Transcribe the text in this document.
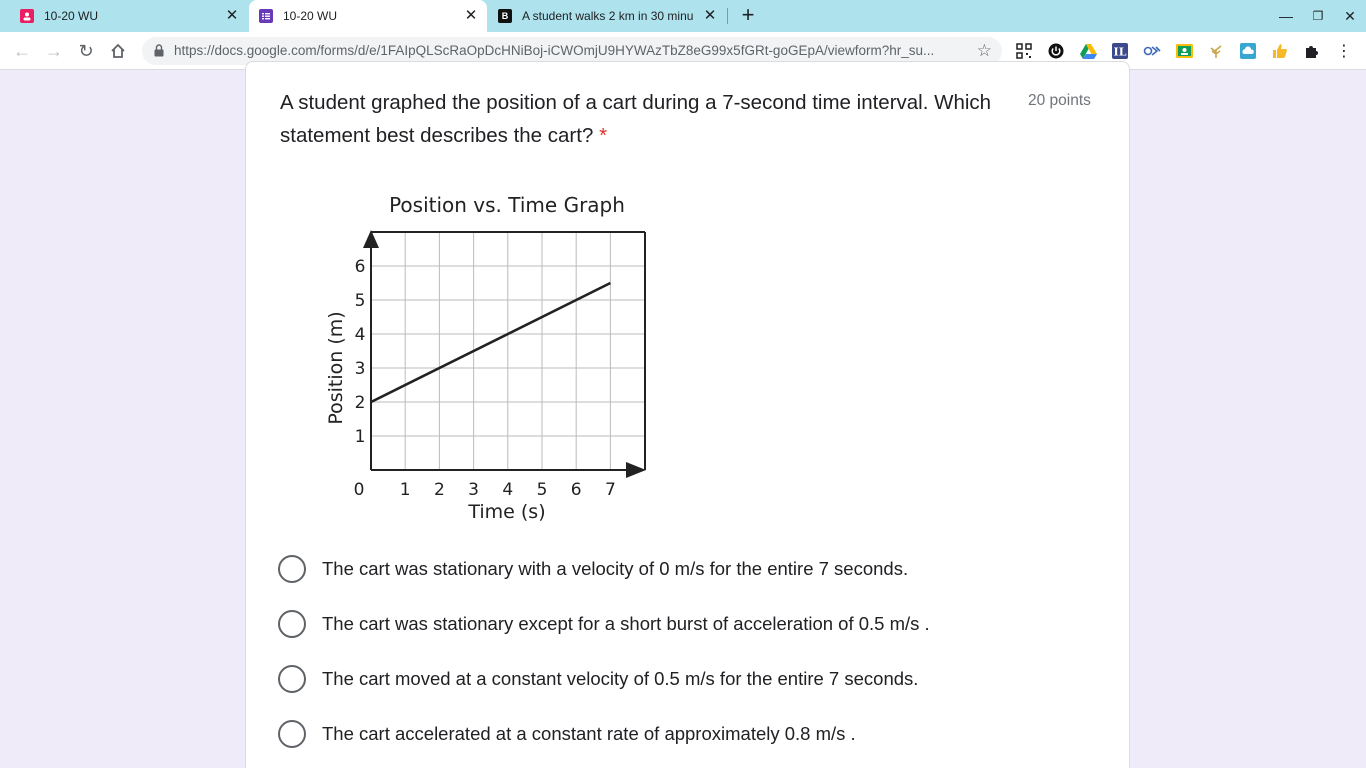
10-20 WU	✕	10-20 WU	✕	B	A student walks 2 km in 30 minu ✕ +	—	❐	✕
← → ↻	https://docs.google.com/forms/d/e/1FAIpQLScRaOpDcHNiBoj-iCWOmjU9HYWAzTbZ8eG99x5fGRt-goGEpA/viewform?hr_su...	☆	IL	⋮
A student graphed the position of a cart during a 7-second time interval. Which statement best describes the cart? *
20 points
Position vs. Time Graph
0 1 2 3 4 5 6 7
1
2
3
4
5
6
Time (s)
Position (m)
The cart was stationary with a velocity of 0 m/s for the entire 7 seconds.
The cart was stationary except for a short burst of acceleration of 0.5 m/s .
The cart moved at a constant velocity of 0.5 m/s for the entire 7 seconds.
The cart accelerated at a constant rate of approximately 0.8 m/s .
